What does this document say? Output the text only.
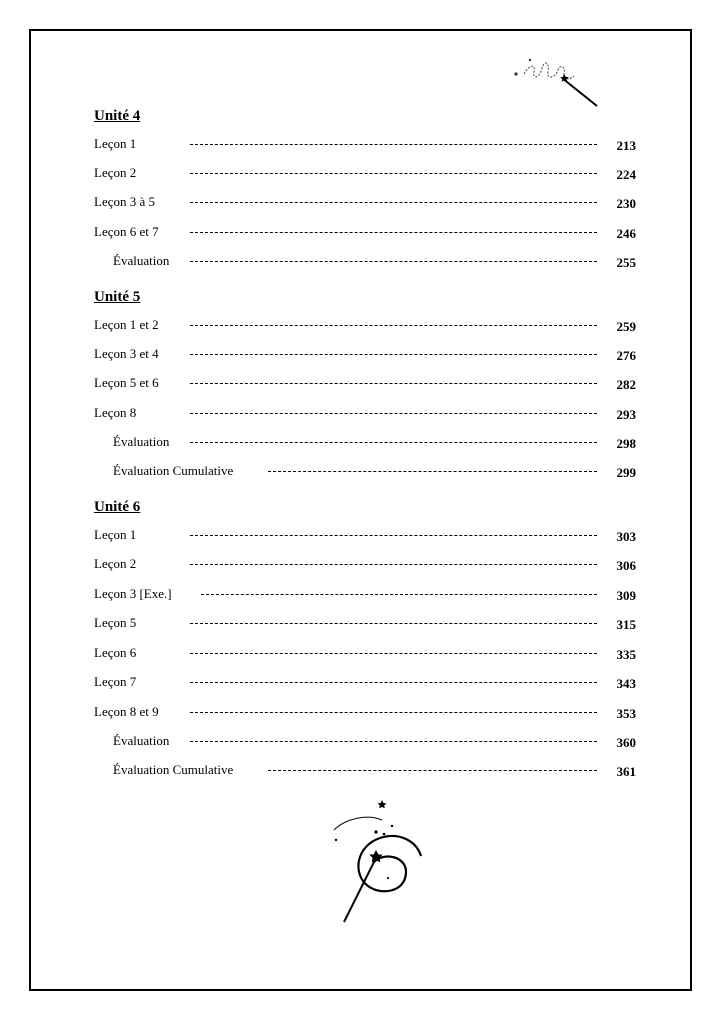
Unité 4
Leçon 1	213
Leçon 2	224
Leçon 3 à 5	230
Leçon 6 et 7	246
Évaluation	255
Unité 5
Leçon 1 et 2	259
Leçon 3 et 4	276
Leçon 5 et 6	282
Leçon 8	293
Évaluation	298
Évaluation Cumulative	299
Unité 6
Leçon 1	303
Leçon 2	306
Leçon 3 [Exe.]	309
Leçon 5	315
Leçon 6	335
Leçon 7	343
Leçon 8 et 9	353
Évaluation	360
Évaluation Cumulative	361
